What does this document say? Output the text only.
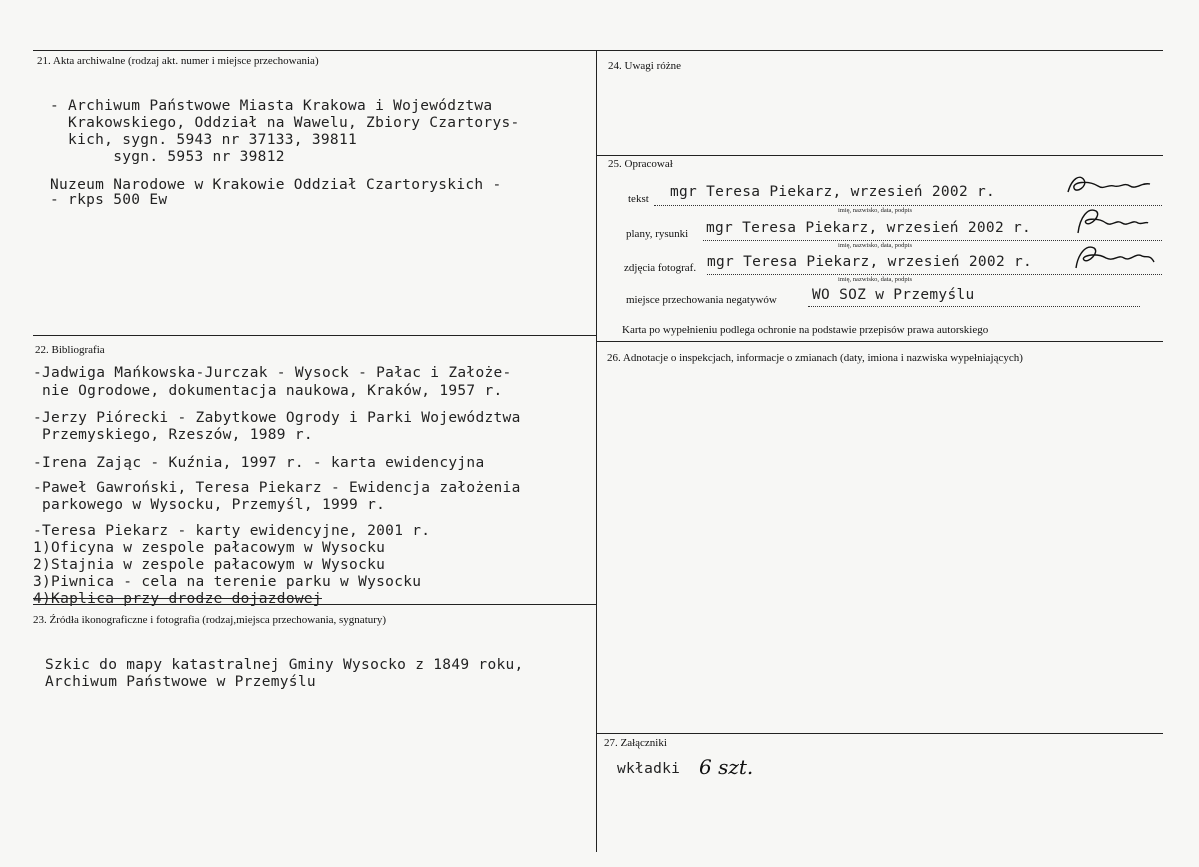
21. Akta archiwalne (rodzaj akt. numer i miejsce przechowania)
- Archiwum Państwowe Miasta Krakowa i Województwa
Krakowskiego, Oddział na Wawelu, Zbiory Czartorys-
kich, sygn. 5943 nr 37133, 39811
sygn. 5953 nr 39812
Nuzeum Narodowe w Krakowie Oddział Czartoryskich -
- rkps 500 Ew
22. Bibliografia
-Jadwiga Mańkowska-Jurczak - Wysock - Pałac i Założe-
nie Ogrodowe, dokumentacja naukowa, Kraków, 1957 r.
-Jerzy Piórecki - Zabytkowe Ogrody i Parki Województwa
Przemyskiego, Rzeszów, 1989 r.
-Irena Zając - Kuźnia, 1997 r. - karta ewidencyjna
-Paweł Gawroński, Teresa Piekarz - Ewidencja założenia
parkowego w Wysocku, Przemyśl, 1999 r.
-Teresa Piekarz - karty ewidencyjne, 2001 r.
1)Oficyna w zespole pałacowym w Wysocku
2)Stajnia w zespole pałacowym w Wysocku
3)Piwnica - cela na terenie parku w Wysocku
4)Kaplica przy drodze dojazdowej
23. Źródła ikonograficzne i fotografia (rodzaj,miejsca przechowania, sygnatury)
Szkic do mapy katastralnej Gminy Wysocko z 1849 roku,
Archiwum Państwowe w Przemyślu
24. Uwagi różne
25. Opracował
tekst mgr Teresa Piekarz, wrzesień 2002 r.
imię, nazwisko, data, podpis
plany, rysunki mgr Teresa Piekarz, wrzesień 2002 r.
imię, nazwisko, data, podpis
zdjęcia fotograf. mgr Teresa Piekarz, wrzesień 2002 r.
imię, nazwisko, data, podpis
miejsce przechowania negatywów WO SOZ w Przemyślu
Karta po wypełnieniu podlega ochronie na podstawie przepisów prawa autorskiego
26. Adnotacje o inspekcjach, informacje o zmianach (daty, imiona i nazwiska wypełniających)
27. Załączniki
wkładki 6 szt.
